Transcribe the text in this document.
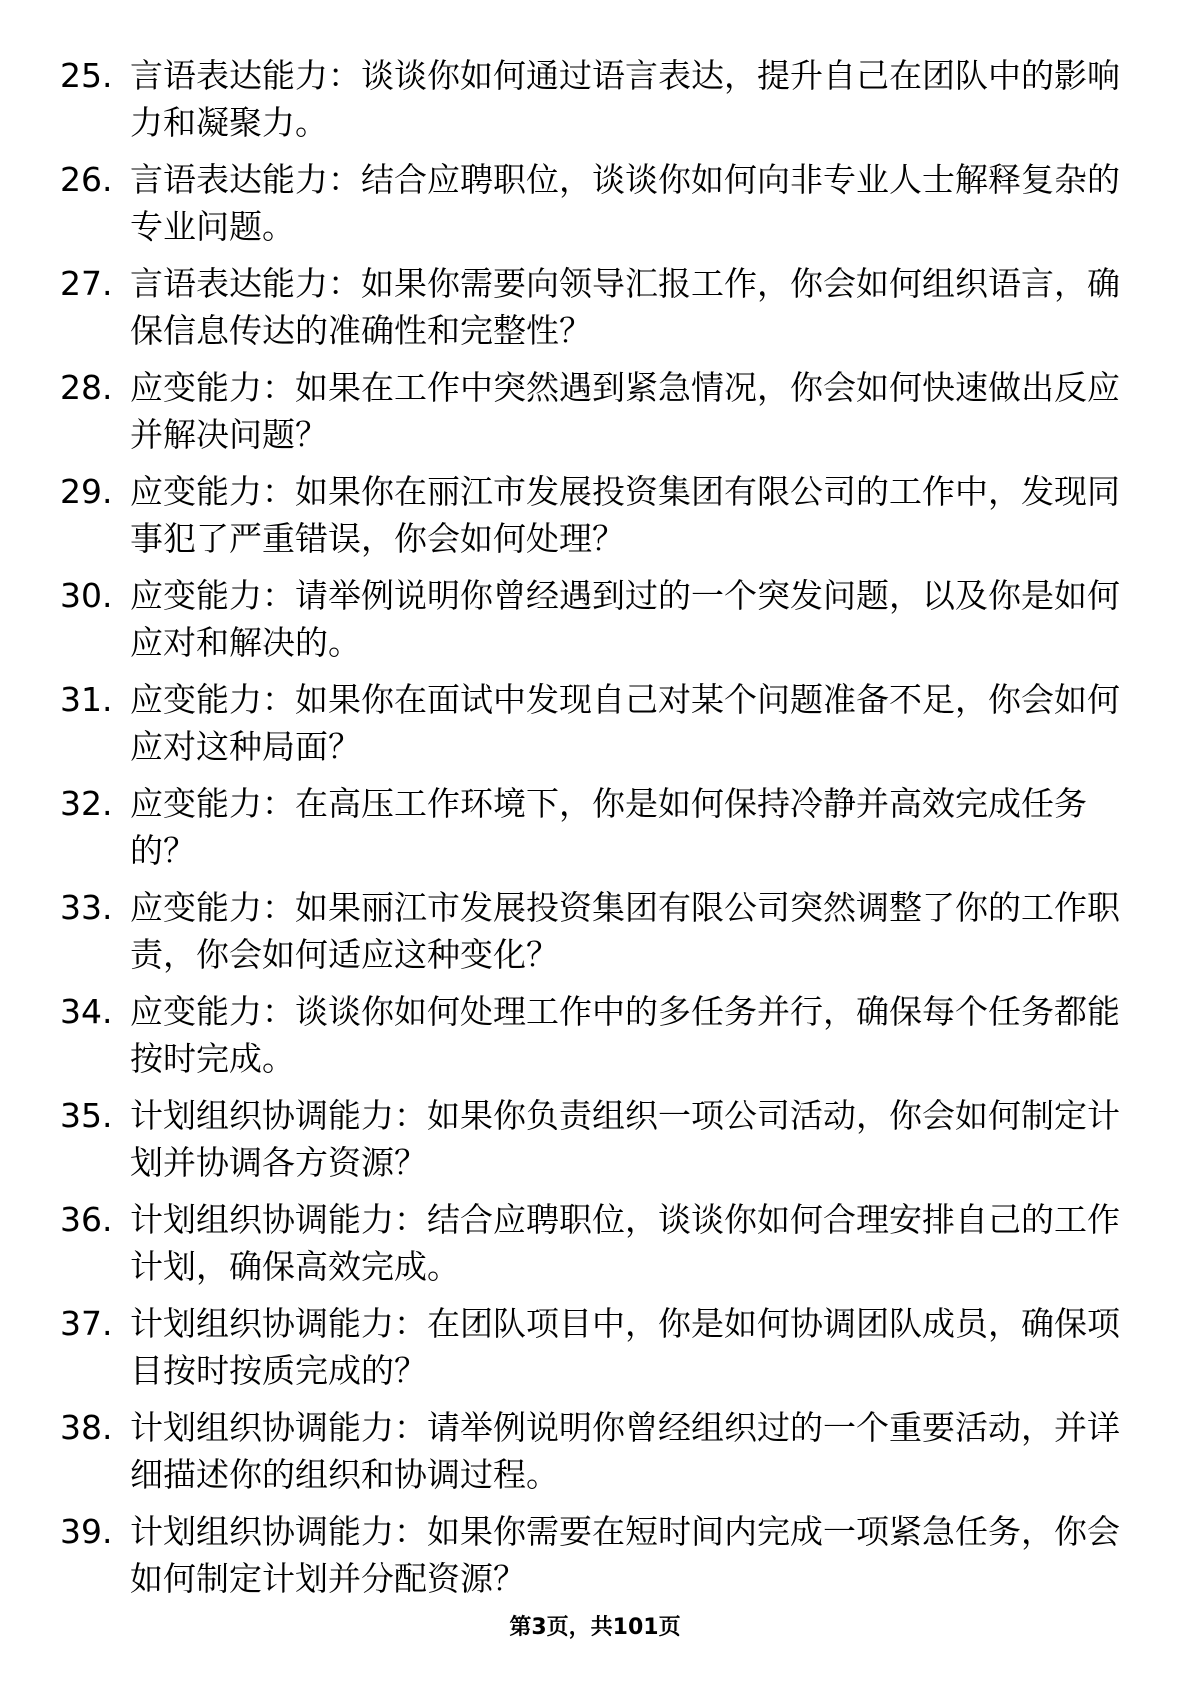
25. 言语表达能力：谈谈你如何通过语言表达，提升自己在团队中的影响力和凝聚力。
26. 言语表达能力：结合应聘职位，谈谈你如何向非专业人士解释复杂的专业问题。
27. 言语表达能力：如果你需要向领导汇报工作，你会如何组织语言，确保信息传达的准确性和完整性？
28. 应变能力：如果在工作中突然遇到紧急情况，你会如何快速做出反应并解决问题？
29. 应变能力：如果你在丽江市发展投资集团有限公司的工作中，发现同事犯了严重错误，你会如何处理？
30. 应变能力：请举例说明你曾经遇到过的一个突发问题，以及你是如何应对和解决的。
31. 应变能力：如果你在面试中发现自己对某个问题准备不足，你会如何应对这种局面？
32. 应变能力：在高压工作环境下，你是如何保持冷静并高效完成任务的？
33. 应变能力：如果丽江市发展投资集团有限公司突然调整了你的工作职责，你会如何适应这种变化？
34. 应变能力：谈谈你如何处理工作中的多任务并行，确保每个任务都能按时完成。
35. 计划组织协调能力：如果你负责组织一项公司活动，你会如何制定计划并协调各方资源？
36. 计划组织协调能力：结合应聘职位，谈谈你如何合理安排自己的工作计划，确保高效完成。
37. 计划组织协调能力：在团队项目中，你是如何协调团队成员，确保项目按时按质完成的？
38. 计划组织协调能力：请举例说明你曾经组织过的一个重要活动，并详细描述你的组织和协调过程。
39. 计划组织协调能力：如果你需要在短时间内完成一项紧急任务，你会如何制定计划并分配资源？
第3页，共101页
